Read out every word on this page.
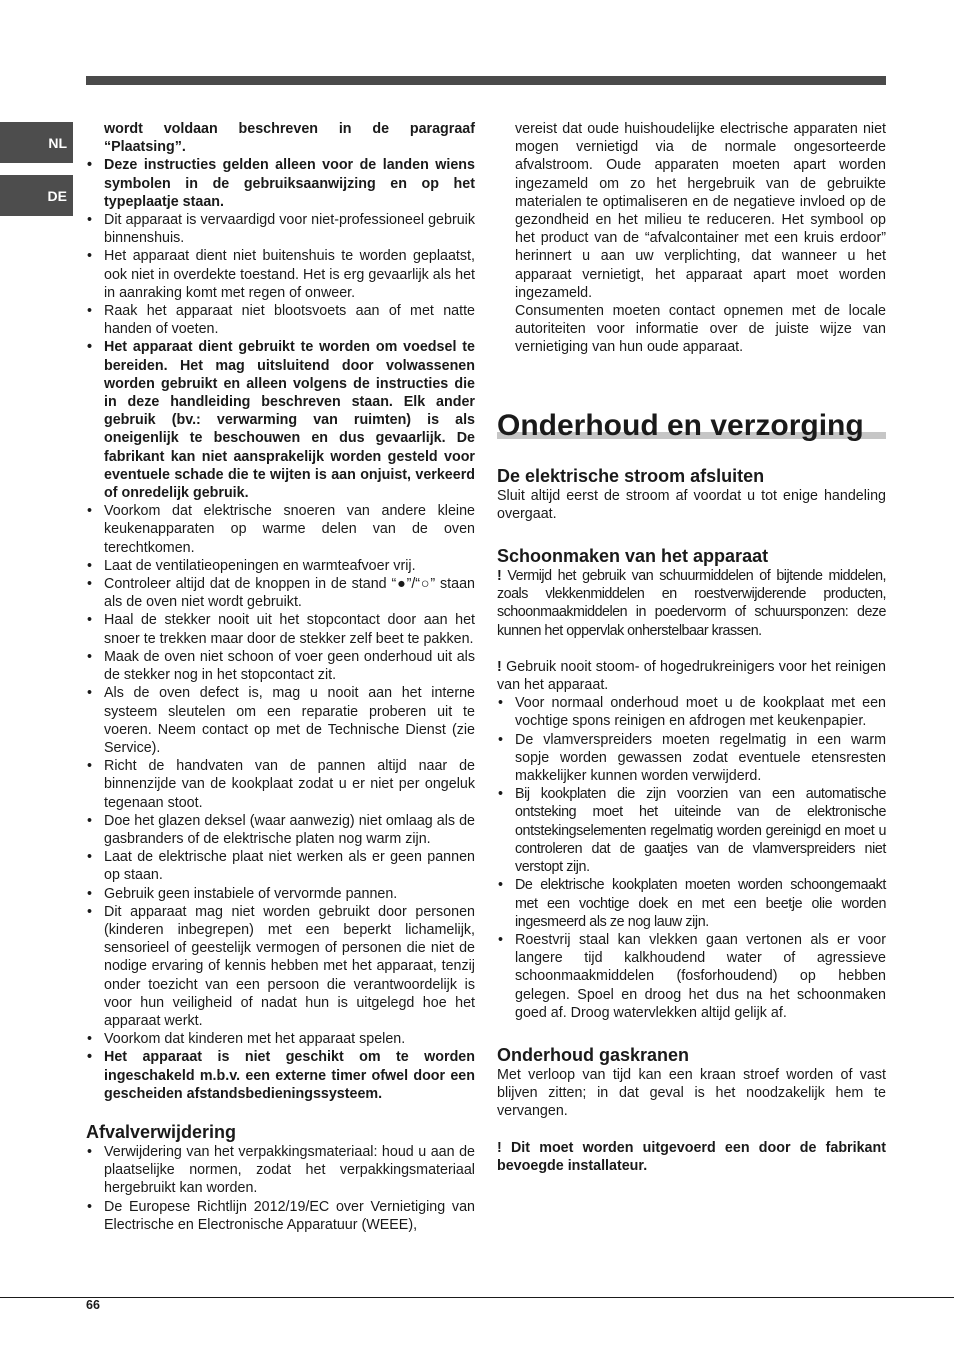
NL
DE
wordt voldaan beschreven in de paragraaf “Plaatsing”.
• Deze instructies gelden alleen voor de landen wiens symbolen in de gebruiksaanwijzing en op het typeplaatje staan.
• Dit apparaat is vervaardigd voor niet-professioneel gebruik binnenshuis.
• Het apparaat dient niet buitenshuis te worden geplaatst, ook niet in overdekte toestand. Het is erg gevaarlijk als het in aanraking komt met regen of onweer.
• Raak het apparaat niet blootsvoets aan of met natte handen of voeten.
• Het apparaat dient gebruikt te worden om voedsel te bereiden. Het mag uitsluitend door volwassenen worden gebruikt en alleen volgens de instructies die in deze handleiding beschreven staan. Elk ander gebruik (bv.: verwarming van ruimten) is als oneigenlijk te beschouwen en dus gevaarlijk. De fabrikant kan niet aansprakelijk worden gesteld voor eventuele schade die te wijten is aan onjuist, verkeerd of onredelijk gebruik.
• Voorkom dat elektrische snoeren van andere kleine keukenapparaten op warme delen van de oven terechtkomen.
• Laat de ventilatieopeningen en warmteafvoer vrij.
• Controleer altijd dat de knoppen in de stand “●”/“○” staan als de oven niet wordt gebruikt.
• Haal de stekker nooit uit het stopcontact door aan het snoer te trekken maar door de stekker zelf beet te pakken.
• Maak de oven niet schoon of voer geen onderhoud uit als de stekker nog in het stopcontact zit.
• Als de oven defect is, mag u nooit aan het interne systeem sleutelen om een reparatie proberen uit te voeren. Neem contact op met de Technische Dienst (zie Service).
• Richt de handvaten van de pannen altijd naar de binnenzijde van de kookplaat zodat u er niet per ongeluk tegenaan stoot.
• Doe het glazen deksel (waar aanwezig) niet omlaag als de gasbranders of de elektrische platen nog warm zijn.
• Laat de elektrische plaat niet werken als er geen pannen op staan.
• Gebruik geen instabiele of vervormde pannen.
• Dit apparaat mag niet worden gebruikt door personen (kinderen inbegrepen) met een beperkt lichamelijk, sensorieel of geestelijk vermogen of personen die niet de nodige ervaring of kennis hebben met het apparaat, tenzij onder toezicht van een persoon die verantwoordelijk is voor hun veiligheid of nadat hun is uitgelegd hoe het apparaat werkt.
• Voorkom dat kinderen met het apparaat spelen.
• Het apparaat is niet geschikt om te worden ingeschakeld m.b.v. een externe timer ofwel door een gescheiden afstandsbedieningssysteem.
Afvalverwijdering
• Verwijdering van het verpakkingsmateriaal: houd u aan de plaatselijke normen, zodat het verpakkingsmateriaal hergebruikt kan worden.
• De Europese Richtlijn 2012/19/EC over Vernietiging van Electrische en Electronische Apparatuur (WEEE),

vereist dat oude huishoudelijke electrische apparaten niet mogen vernietigd via de normale ongesorteerde afvalstroom. Oude apparaten moeten apart worden ingezameld om zo het hergebruik van de gebruikte materialen te optimaliseren en de negatieve invloed op de gezondheid en het milieu te reduceren. Het symbool op het product van de “afvalcontainer met een kruis erdoor” herinnert u aan uw verplichting, dat wanneer u het apparaat vernietigt, het apparaat apart moet worden ingezameld.

Consumenten moeten contact opnemen met de locale autoriteiten voor informatie over de juiste wijze van vernietiging van hun oude apparaat.

Onderhoud en verzorging
De elektrische stroom afsluiten

Sluit altijd eerst de stroom af voordat u tot enige handeling overgaat.

Schoonmaken van het apparaat

! Vermijd het gebruik van schuurmiddelen of bijtende middelen, zoals vlekkenmiddelen en roestverwijderende producten, schoonmaakmiddelen in poedervorm of schuursponzen: deze kunnen het oppervlak onherstelbaar krassen.

! Gebruik nooit stoom- of hogedrukreinigers voor het reinigen van het apparaat.

• Voor normaal onderhoud moet u de kookplaat met een vochtige spons reinigen en afdrogen met keukenpapier.
• De vlamverspreiders moeten regelmatig in een warm sopje worden gewassen zodat eventuele etensresten makkelijker kunnen worden verwijderd.
• Bij kookplaten die zijn voorzien van een automatische ontsteking moet het uiteinde van de elektronische ontstekingselementen regelmatig worden gereinigd en moet u controleren dat de gaatjes van de vlamverspreiders niet verstopt zijn.
• De elektrische kookplaten moeten worden schoongemaakt met een vochtige doek en met een beetje olie worden ingesmeerd als ze nog lauw zijn.
• Roestvrij staal kan vlekken gaan vertonen als er voor langere tijd kalkhoudend water of agressieve schoonmaakmiddelen (fosforhoudend) op hebben gelegen. Spoel en droog het dus na het schoonmaken goed af. Droog watervlekken altijd gelijk af.
Onderhoud gaskranen

Met verloop van tijd kan een kraan stroef worden of vast blijven zitten; in dat geval is het noodzakelijk hem te vervangen.

! Dit moet worden uitgevoerd een door de fabrikant bevoegde installateur.

66
